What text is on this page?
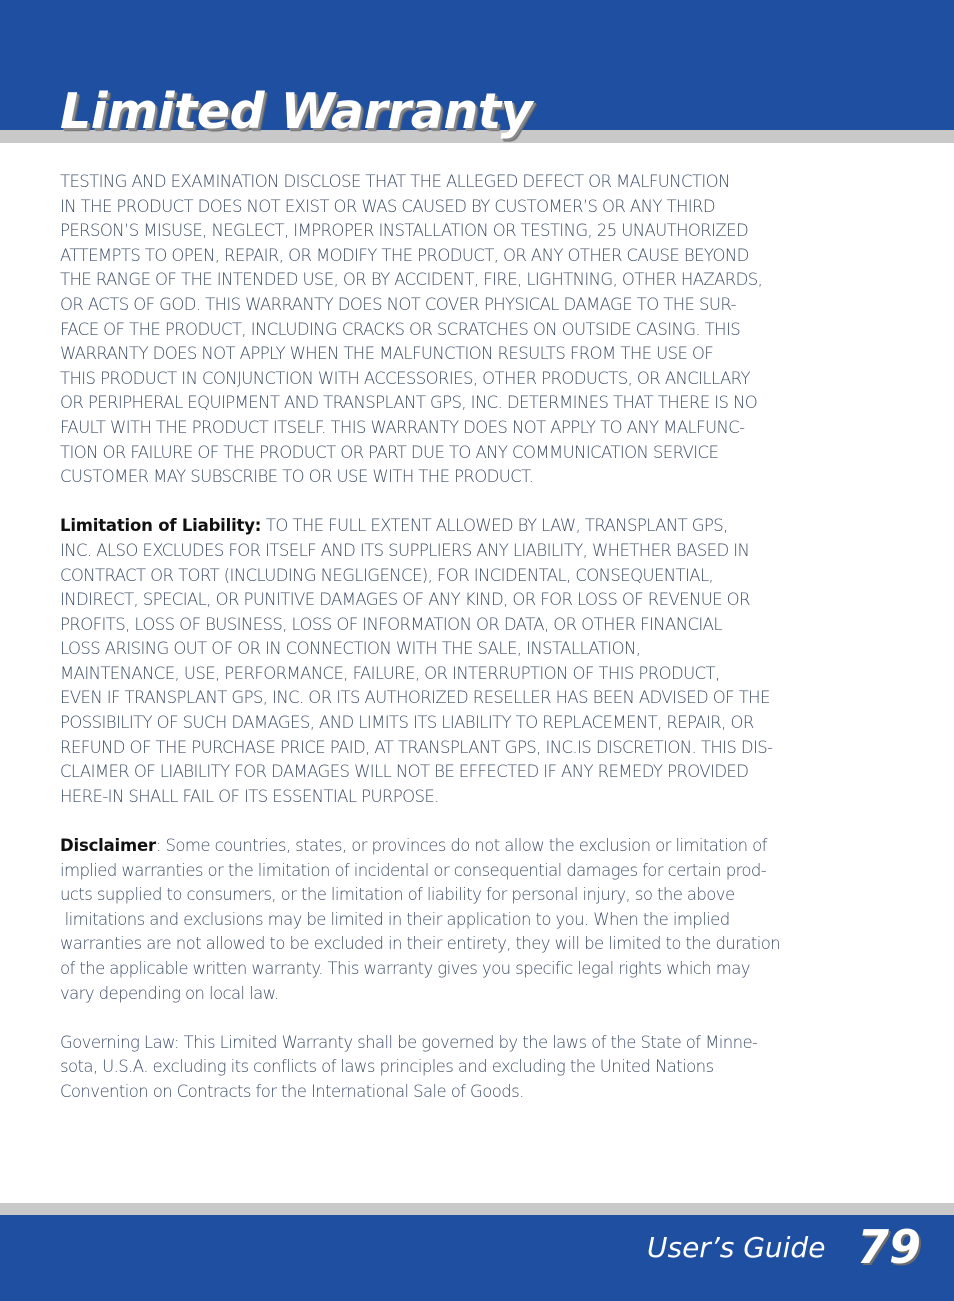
Limited Warranty

TESTING AND EXAMINATION DISCLOSE THAT THE ALLEGED DEFECT OR MALFUNCTION
IN THE PRODUCT DOES NOT EXIST OR WAS CAUSED BY CUSTOMER’S OR ANY THIRD
PERSON’S MISUSE, NEGLECT, IMPROPER INSTALLATION OR TESTING, 25 UNAUTHORIZED
ATTEMPTS TO OPEN, REPAIR, OR MODIFY THE PRODUCT, OR ANY OTHER CAUSE BEYOND
THE RANGE OF THE INTENDED USE, OR BY ACCIDENT, FIRE, LIGHTNING, OTHER HAZARDS,
OR ACTS OF GOD. THIS WARRANTY DOES NOT COVER PHYSICAL DAMAGE TO THE SUR-
FACE OF THE PRODUCT, INCLUDING CRACKS OR SCRATCHES ON OUTSIDE CASING. THIS
WARRANTY DOES NOT APPLY WHEN THE MALFUNCTION RESULTS FROM THE USE OF
THIS PRODUCT IN CONJUNCTION WITH ACCESSORIES, OTHER PRODUCTS, OR ANCILLARY
OR PERIPHERAL EQUIPMENT AND TRANSPLANT GPS, INC. DETERMINES THAT THERE IS NO
FAULT WITH THE PRODUCT ITSELF. THIS WARRANTY DOES NOT APPLY TO ANY MALFUNC-
TION OR FAILURE OF THE PRODUCT OR PART DUE TO ANY COMMUNICATION SERVICE
CUSTOMER MAY SUBSCRIBE TO OR USE WITH THE PRODUCT.

Limitation of Liability: TO THE FULL EXTENT ALLOWED BY LAW, TRANSPLANT GPS,
INC. ALSO EXCLUDES FOR ITSELF AND ITS SUPPLIERS ANY LIABILITY, WHETHER BASED IN
CONTRACT OR TORT (INCLUDING NEGLIGENCE), FOR INCIDENTAL, CONSEQUENTIAL,
INDIRECT, SPECIAL, OR PUNITIVE DAMAGES OF ANY KIND, OR FOR LOSS OF REVENUE OR
PROFITS, LOSS OF BUSINESS, LOSS OF INFORMATION OR DATA, OR OTHER FINANCIAL
LOSS ARISING OUT OF OR IN CONNECTION WITH THE SALE, INSTALLATION,
MAINTENANCE, USE, PERFORMANCE, FAILURE, OR INTERRUPTION OF THIS PRODUCT,
EVEN IF TRANSPLANT GPS, INC. OR ITS AUTHORIZED RESELLER HAS BEEN ADVISED OF THE
POSSIBILITY OF SUCH DAMAGES, AND LIMITS ITS LIABILITY TO REPLACEMENT, REPAIR, OR
REFUND OF THE PURCHASE PRICE PAID, AT TRANSPLANT GPS, INC.IS DISCRETION. THIS DIS-
CLAIMER OF LIABILITY FOR DAMAGES WILL NOT BE EFFECTED IF ANY REMEDY PROVIDED
HERE-IN SHALL FAIL OF ITS ESSENTIAL PURPOSE.

Disclaimer: Some countries, states, or provinces do not allow the exclusion or limitation of
implied warranties or the limitation of incidental or consequential damages for certain prod-
ucts supplied to consumers, or the limitation of liability for personal injury, so the above
limitations and exclusions may be limited in their application to you. When the implied
warranties are not allowed to be excluded in their entirety, they will be limited to the duration
of the applicable written warranty. This warranty gives you specific legal rights which may
vary depending on local law.

Governing Law: This Limited Warranty shall be governed by the laws of the State of Minne-
sota, U.S.A. excluding its conflicts of laws principles and excluding the United Nations
Convention on Contracts for the International Sale of Goods.

User’s Guide 79
